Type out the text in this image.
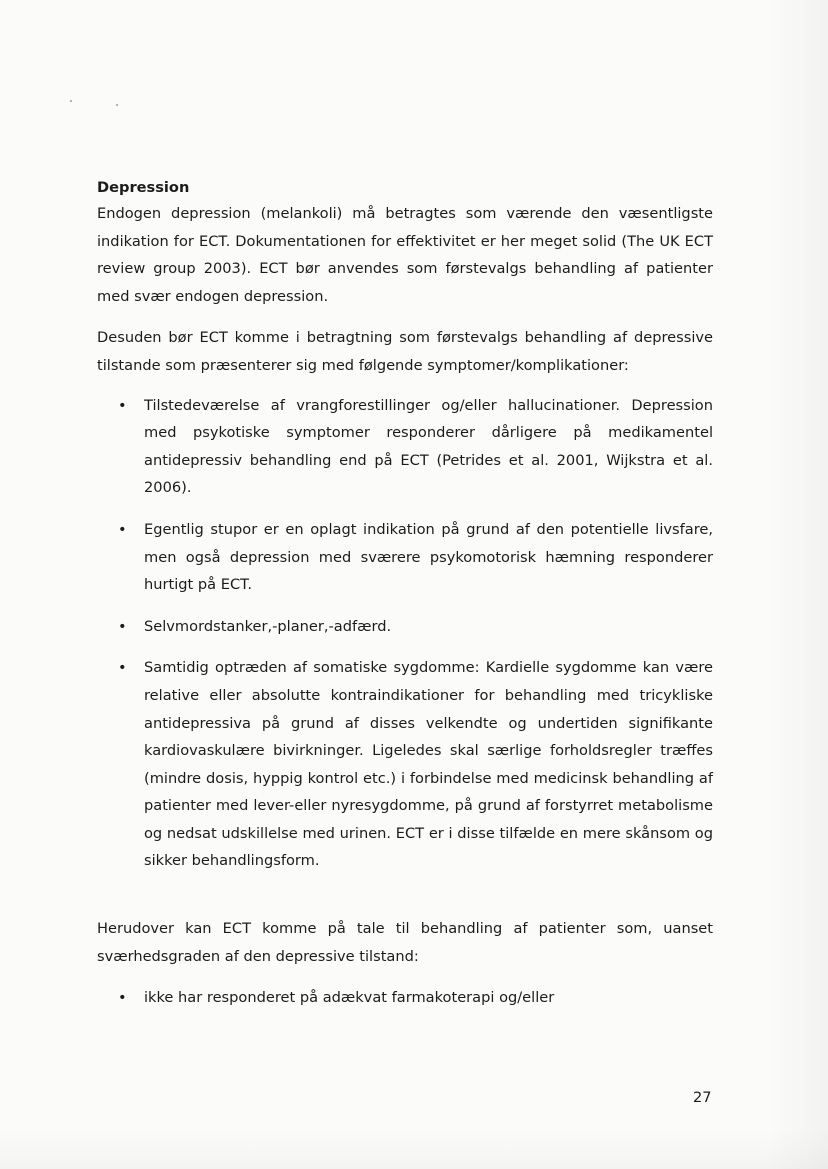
Depression

Endogen depression (melankoli) må betragtes som værende den væsentligste indikation for ECT. Dokumentationen for effektivitet er her meget solid (The UK ECT review group 2003). ECT bør anvendes som førstevalgs behandling af patienter med svær endogen depression.

Desuden bør ECT komme i betragtning som førstevalgs behandling af depressive tilstande som præsenterer sig med følgende symptomer/komplikationer:

• Tilstedeværelse af vrangforestillinger og/eller hallucinationer. Depression med psykotiske symptomer responderer dårligere på medikamentel antidepressiv behandling end på ECT (Petrides et al. 2001, Wijkstra et al. 2006).
• Egentlig stupor er en oplagt indikation på grund af den potentielle livsfare, men også depression med sværere psykomotorisk hæmning responderer hurtigt på ECT.
• Selvmordstanker,-planer,-adfærd.
• Samtidig optræden af somatiske sygdomme: Kardielle sygdomme kan være relative eller absolutte kontraindikationer for behandling med tricykliske antidepressiva på grund af disses velkendte og undertiden signifikante kardiovaskulære bivirkninger. Ligeledes skal særlige forholdsregler træffes (mindre dosis, hyppig kontrol etc.) i forbindelse med medicinsk behandling af patienter med lever-eller nyresygdomme, på grund af forstyrret metabolisme og nedsat udskillelse med urinen. ECT er i disse tilfælde en mere skånsom og sikker behandlingsform.

Herudover kan ECT komme på tale til behandling af patienter som, uanset sværhedsgraden af den depressive tilstand:

• ikke har responderet på adækvat farmakoterapi og/eller
27
